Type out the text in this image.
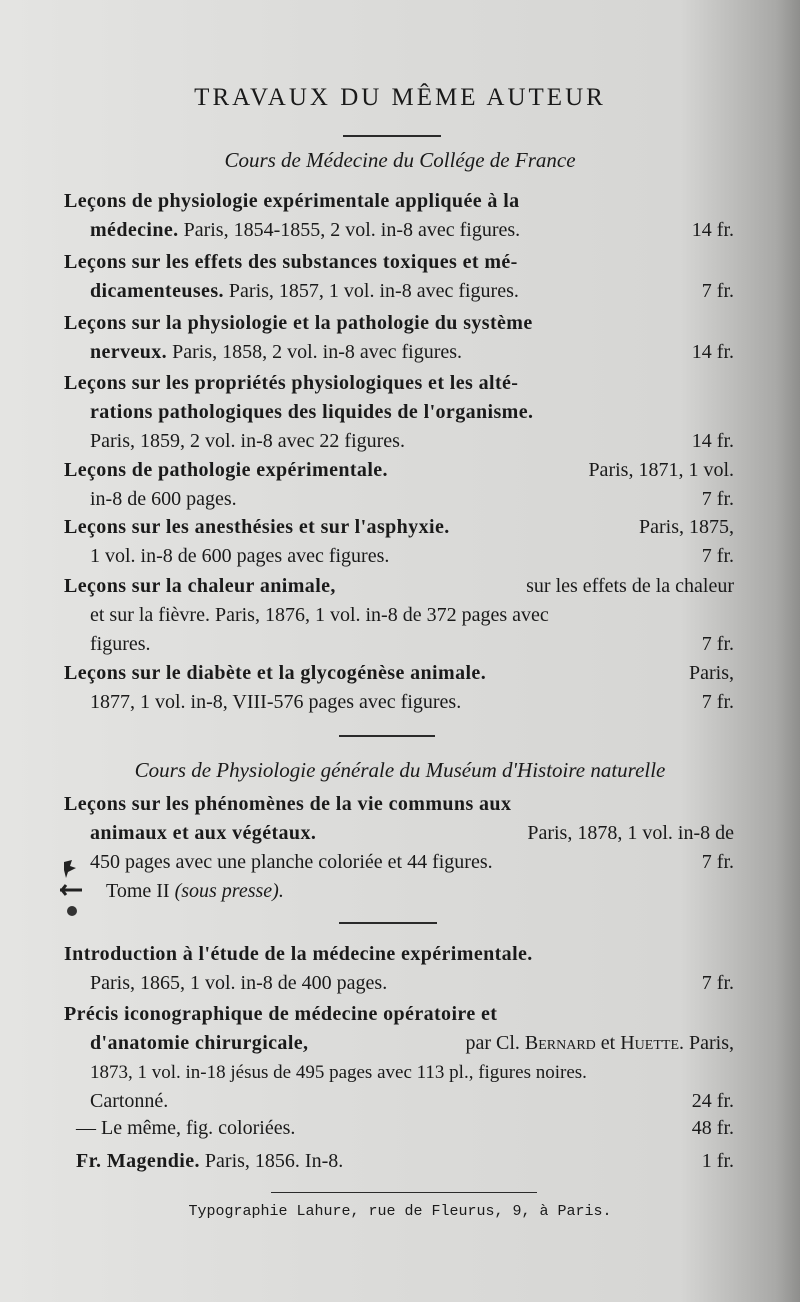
TRAVAUX DU MÊME AUTEUR
Cours de Médecine du Collége de France
Leçons de physiologie expérimentale appliquée à la
médecine. Paris, 1854-1855, 2 vol. in-8 avec figures.	14 fr.
Leçons sur les effets des substances toxiques et mé-
dicamenteuses. Paris, 1857, 1 vol. in-8 avec figures.	7 fr.
Leçons sur la physiologie et la pathologie du système
nerveux. Paris, 1858, 2 vol. in-8 avec figures.	14 fr.
Leçons sur les propriétés physiologiques et les alté-
rations pathologiques des liquides de l'organisme.
Paris, 1859, 2 vol. in-8 avec 22 figures.	14 fr.
Leçons de pathologie expérimentale.	Paris, 1871, 1 vol.
in-8 de 600 pages.	7 fr.
Leçons sur les anesthésies et sur l'asphyxie.	Paris, 1875,
1 vol. in-8 de 600 pages avec figures.	7 fr.
Leçons sur la chaleur animale,	sur les effets de la chaleur
et sur la fièvre. Paris, 1876, 1 vol. in-8 de 372 pages avec
figures.	7 fr.
Leçons sur le diabète et la glycogénèse animale.	Paris,
1877, 1 vol. in-8, VIII-576 pages avec figures.	7 fr.
Cours de Physiologie générale du Muséum d'Histoire naturelle
Leçons sur les phénomènes de la vie communs aux
animaux et aux végétaux.	Paris, 1878, 1 vol. in-8 de
450 pages avec une planche coloriée et 44 figures.	7 fr.
Tome II (sous presse).
Introduction à l'étude de la médecine expérimentale.
Paris, 1865, 1 vol. in-8 de 400 pages.	7 fr.
Précis iconographique de médecine opératoire et
d'anatomie chirurgicale,	par Cl. Bernard et Huette. Paris,
1873, 1 vol. in-18 jésus de 495 pages avec 113 pl., figures noires.
Cartonné.	24 fr.
— Le même, fig. coloriées.	48 fr.
Fr. Magendie. Paris, 1856. In-8.	1 fr.
Typographie Lahure, rue de Fleurus, 9, à Paris.
